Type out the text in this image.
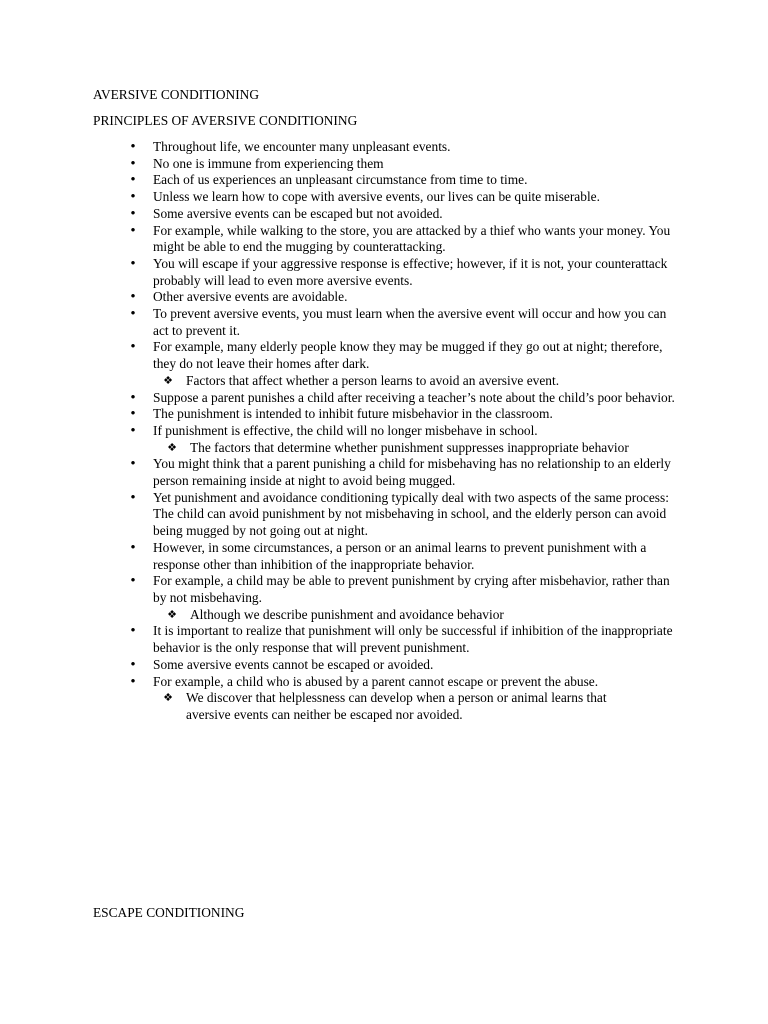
AVERSIVE CONDITIONING
PRINCIPLES OF AVERSIVE CONDITIONING
• Throughout life, we encounter many unpleasant events.
• No one is immune from experiencing them
• Each of us experiences an unpleasant circumstance from time to time.
• Unless we learn how to cope with aversive events, our lives can be quite miserable.
• Some aversive events can be escaped but not avoided.
• For example, while walking to the store, you are attacked by a thief who wants your money. You might be able to end the mugging by counterattacking.
• You will escape if your aggressive response is effective; however, if it is not, your counterattack probably will lead to even more aversive events.
• Other aversive events are avoidable.
• To prevent aversive events, you must learn when the aversive event will occur and how you can act to prevent it.
• For example, many elderly people know they may be mugged if they go out at night; therefore, they do not leave their homes after dark.
❖ Factors that affect whether a person learns to avoid an aversive event.
• Suppose a parent punishes a child after receiving a teacher’s note about the child’s poor behavior.
• The punishment is intended to inhibit future misbehavior in the classroom.
• If punishment is effective, the child will no longer misbehave in school.
❖ The factors that determine whether punishment suppresses inappropriate behavior
• You might think that a parent punishing a child for misbehaving has no relationship to an elderly person remaining inside at night to avoid being mugged.
• Yet punishment and avoidance conditioning typically deal with two aspects of the same process: The child can avoid punishment by not misbehaving in school, and the elderly person can avoid being mugged by not going out at night.
• However, in some circumstances, a person or an animal learns to prevent punishment with a response other than inhibition of the inappropriate behavior.
• For example, a child may be able to prevent punishment by crying after misbehavior, rather than by not misbehaving.
❖ Although we describe punishment and avoidance behavior
• It is important to realize that punishment will only be successful if inhibition of the inappropriate behavior is the only response that will prevent punishment.
• Some aversive events cannot be escaped or avoided.
• For example, a child who is abused by a parent cannot escape or prevent the abuse.
❖ We discover that helplessness can develop when a person or animal learns that aversive events can neither be escaped nor avoided.
ESCAPE CONDITIONING
